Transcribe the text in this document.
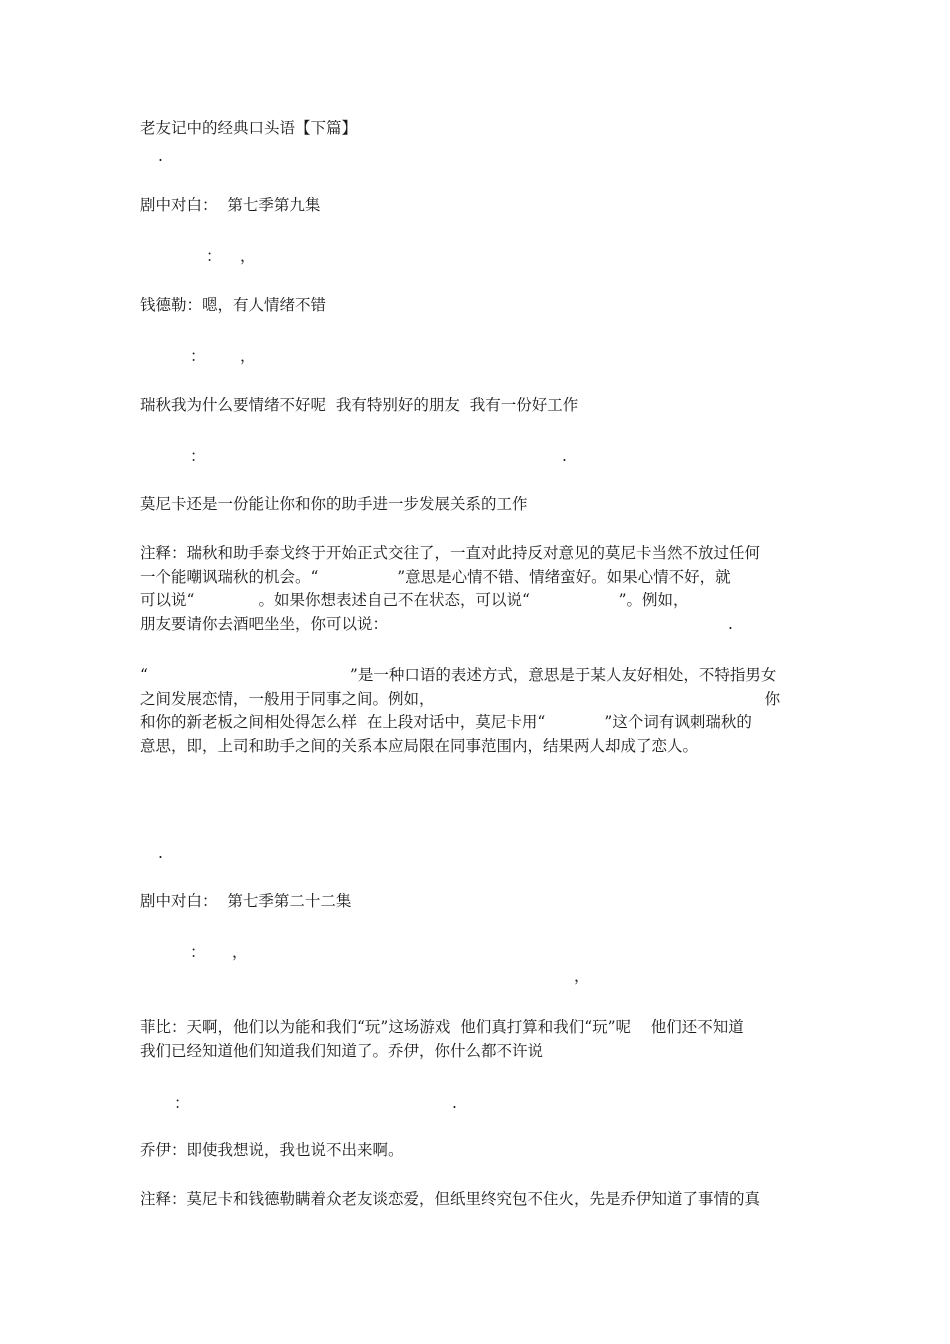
老友记中的经典口头语【下篇】
.
剧中对白：  第七季第九集
： ，
钱德勒：嗯，有人情绪不错
： ，
瑞秋我为什么要情绪不好呢  我有特别好的朋友  我有一份好工作
：	.
莫尼卡还是一份能让你和你的助手进一步发展关系的工作
注释：瑞秋和助手泰戈终于开始正式交往了，一直对此持反对意见的莫尼卡当然不放过任何
一个能嘲讽瑞秋的机会。“                ”意思是心情不错、情绪蛮好。如果心情不好，就
可以说“             。如果你想表述自己不在状态，可以说“                  ”。例如，
朋友要请你去酒吧坐坐，你可以说：                                                                     .
“                                         ”是一种口语的表述方式，意思是于某人友好相处，不特指男女
之间发展恋情，一般用于同事之间。例如，                                                                   你
和你的新老板之间相处得怎么样  在上段对话中，莫尼卡用“            ”这个词有讽刺瑞秋的
意思，即，上司和助手之间的关系本应局限在同事范围内，结果两人却成了恋人。
.
剧中对白：  第七季第二十二集
： ，
，
菲比：天啊，他们以为能和我们“玩”这场游戏  他们真打算和我们“玩”呢    他们还不知道
我们已经知道他们知道我们知道了。乔伊，你什么都不许说
：	.
乔伊：即使我想说，我也说不出来啊。
注释：莫尼卡和钱德勒瞒着众老友谈恋爱，但纸里终究包不住火，先是乔伊知道了事情的真
